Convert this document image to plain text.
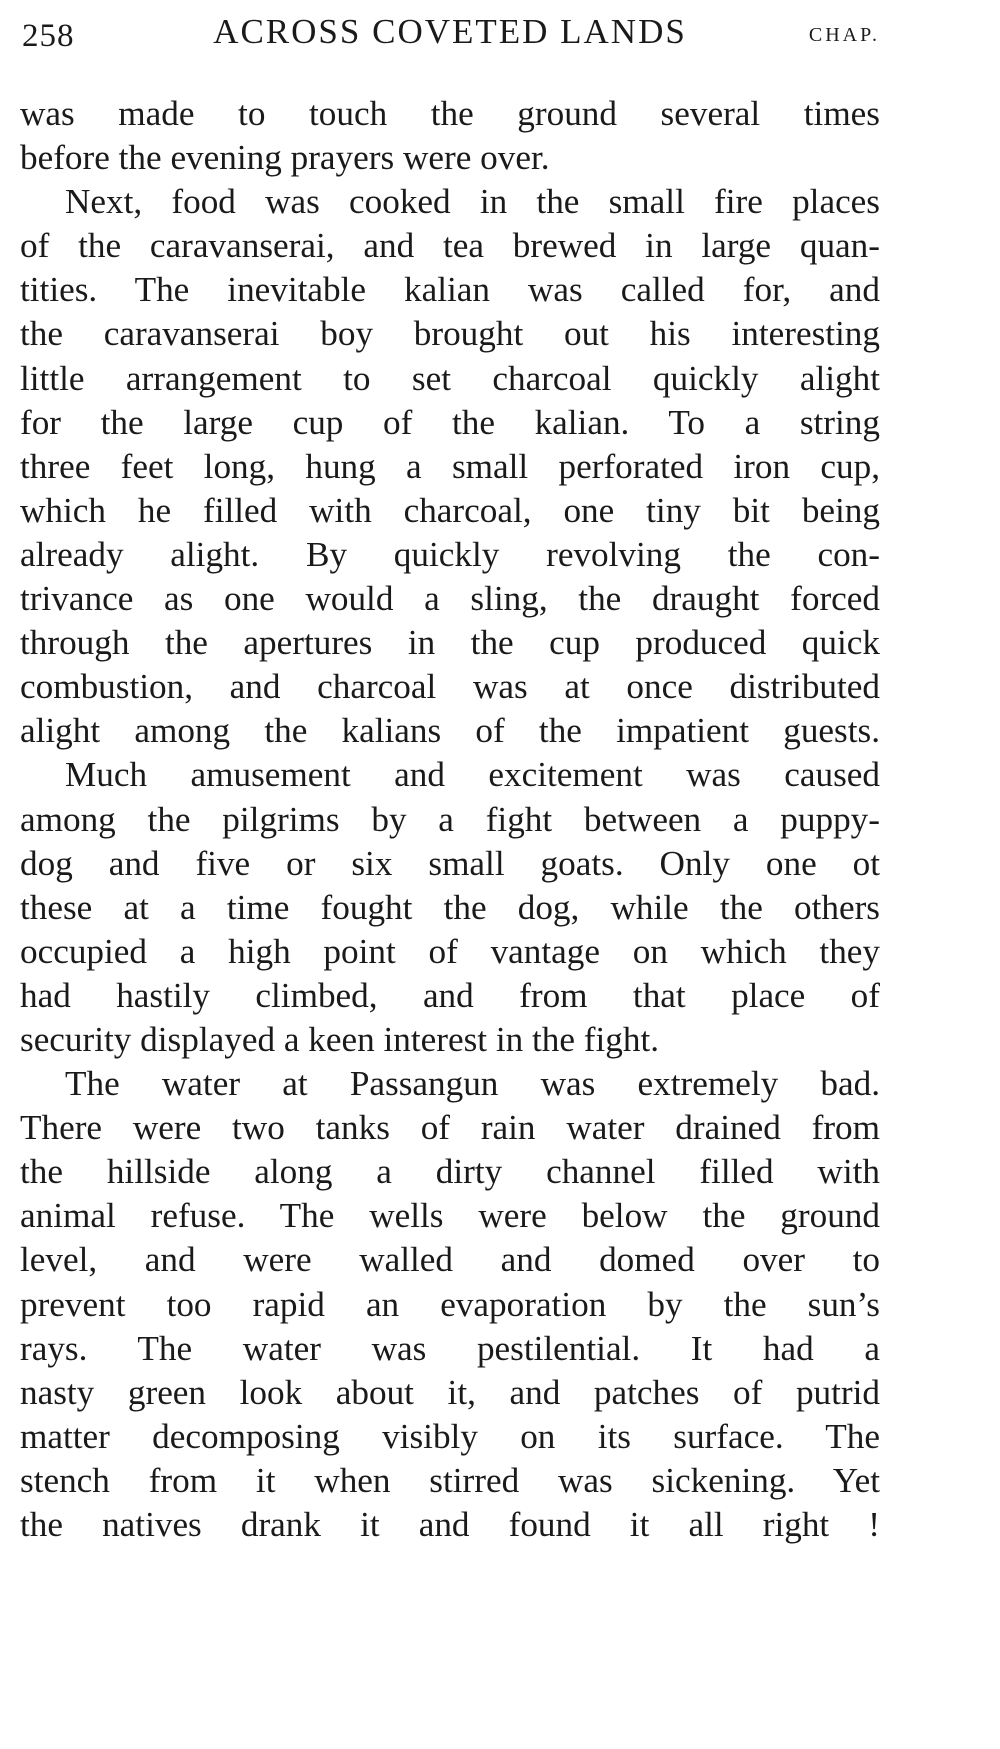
258	ACROSS COVETED LANDS	CHAP.

was made to touch the ground several times
before the evening prayers were over.

Next, food was cooked in the small fire places
of the caravanserai, and tea brewed in large quan-
tities. The inevitable kalian was called for, and
the caravanserai boy brought out his interesting
little arrangement to set charcoal quickly alight
for the large cup of the kalian. To a string
three feet long, hung a small perforated iron cup,
which he filled with charcoal, one tiny bit being
already alight. By quickly revolving the con-
trivance as one would a sling, the draught forced
through the apertures in the cup produced quick
combustion, and charcoal was at once distributed
alight among the kalians of the impatient guests.

Much amusement and excitement was caused
among the pilgrims by a fight between a puppy-
dog and five or six small goats. Only one ot
these at a time fought the dog, while the others
occupied a high point of vantage on which they
had hastily climbed, and from that place of
security displayed a keen interest in the fight.

The water at Passangun was extremely bad.
There were two tanks of rain water drained from
the hillside along a dirty channel filled with
animal refuse. The wells were below the ground
level, and were walled and domed over to
prevent too rapid an evaporation by the sun’s
rays. The water was pestilential. It had a
nasty green look about it, and patches of putrid
matter decomposing visibly on its surface. The
stench from it when stirred was sickening. Yet
the natives drank it and found it all right !
